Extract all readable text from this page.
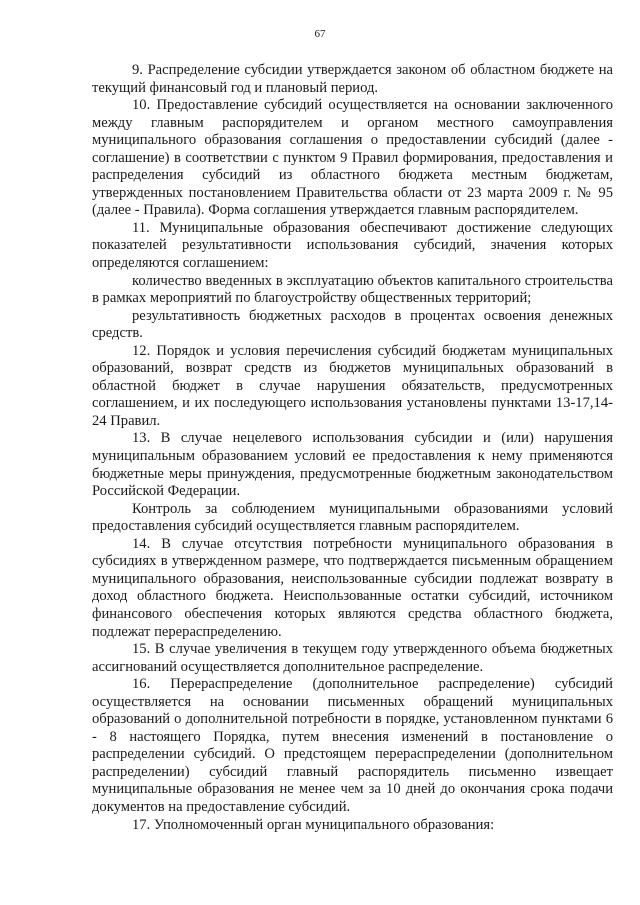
67

9. Распределение субсидии утверждается законом об областном бюджете на текущий финансовый год и плановый период.

10. Предоставление субсидий осуществляется на основании заключенного между главным распорядителем и органом местного самоуправления муниципального образования соглашения о предоставлении субсидий (далее - соглашение) в соответствии с пунктом 9 Правил формирования, предоставления и распределения субсидий из областного бюджета местным бюджетам, утвержденных постановлением Правительства области от 23 марта 2009 г. № 95 (далее - Правила). Форма соглашения утверждается главным распорядителем.

11. Муниципальные образования обеспечивают достижение следующих показателей результативности использования субсидий, значения которых определяются соглашением:

количество введенных в эксплуатацию объектов капитального строительства в рамках мероприятий по благоустройству общественных территорий;

результативность бюджетных расходов в процентах освоения денежных средств.

12. Порядок и условия перечисления субсидий бюджетам муниципальных образований, возврат средств из бюджетов муниципальных образований в областной бюджет в случае нарушения обязательств, предусмотренных соглашением, и их последующего использования установлены пунктами 13-17,14-24 Правил.

13. В случае нецелевого использования субсидии и (или) нарушения муниципальным образованием условий ее предоставления к нему применяются бюджетные меры принуждения, предусмотренные бюджетным законодательством Российской Федерации.

Контроль за соблюдением муниципальными образованиями условий предоставления субсидий осуществляется главным распорядителем.

14. В случае отсутствия потребности муниципального образования в субсидиях в утвержденном размере, что подтверждается письменным обращением муниципального образования, неиспользованные субсидии подлежат возврату в доход областного бюджета. Неиспользованные остатки субсидий, источником финансового обеспечения которых являются средства областного бюджета, подлежат перераспределению.

15. В случае увеличения в текущем году утвержденного объема бюджетных ассигнований осуществляется дополнительное распределение.

16. Перераспределение (дополнительное распределение) субсидий осуществляется на основании письменных обращений муниципальных образований о дополнительной потребности в порядке, установленном пунктами 6 - 8 настоящего Порядка, путем внесения изменений в постановление о распределении субсидий. О предстоящем перераспределении (дополнительном распределении) субсидий главный распорядитель письменно извещает муниципальные образования не менее чем за 10 дней до окончания срока подачи документов на предоставление субсидий.

17. Уполномоченный орган муниципального образования:
